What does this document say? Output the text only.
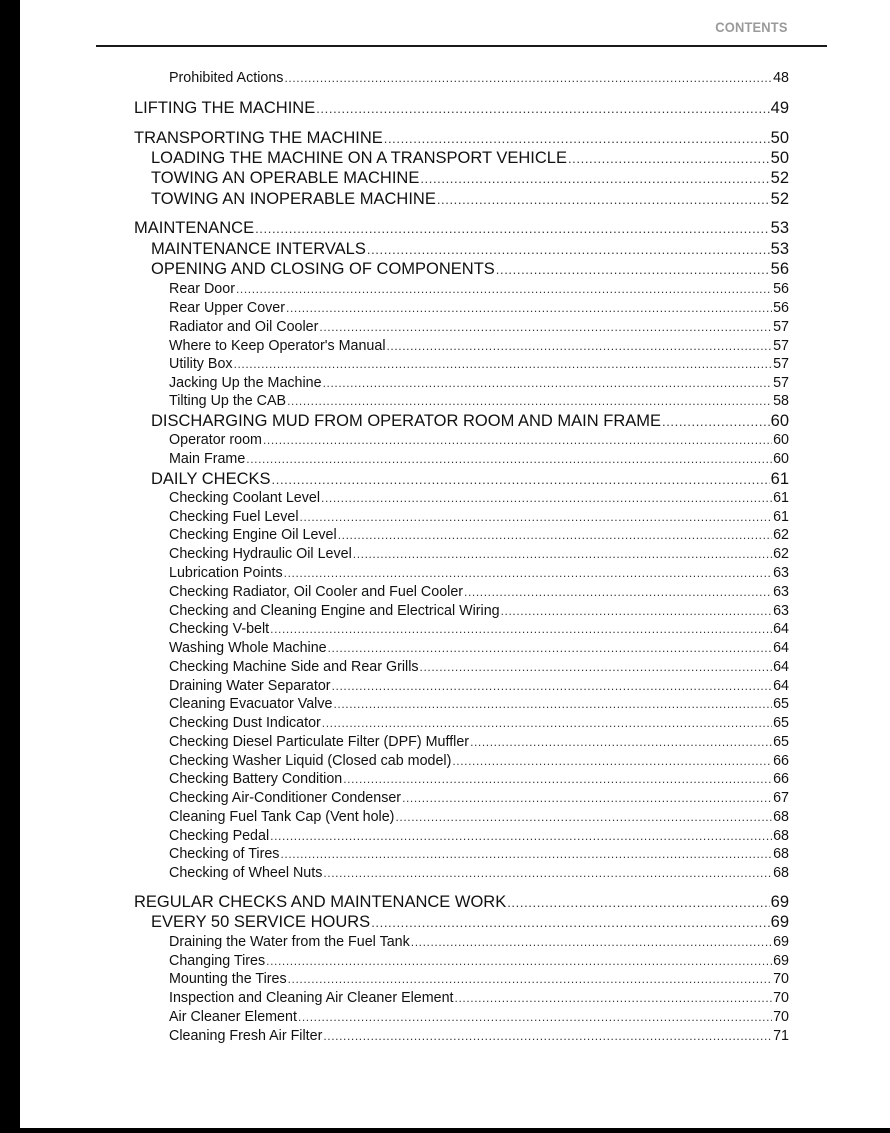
CONTENTS
Prohibited Actions .....	48
LIFTING THE MACHINE .....	49
TRANSPORTING THE MACHINE .....	50
LOADING THE MACHINE ON A TRANSPORT VEHICLE .....	50
TOWING AN OPERABLE MACHINE .....	52
TOWING AN INOPERABLE MACHINE .....	52
MAINTENANCE .....	53
MAINTENANCE INTERVALS .....	53
OPENING AND CLOSING OF COMPONENTS .....	56
Rear Door .....	56
Rear Upper Cover .....	56
Radiator and Oil Cooler .....	57
Where to Keep Operator's Manual .....	57
Utility Box .....	57
Jacking Up the Machine .....	57
Tilting Up the CAB .....	58
DISCHARGING MUD FROM OPERATOR ROOM AND MAIN FRAME .....	60
Operator room .....	60
Main Frame .....	60
DAILY CHECKS .....	61
Checking Coolant Level .....	61
Checking Fuel Level .....	61
Checking Engine Oil Level .....	62
Checking Hydraulic Oil Level .....	62
Lubrication Points .....	63
Checking Radiator, Oil Cooler and Fuel Cooler .....	63
Checking and Cleaning Engine and Electrical Wiring .....	63
Checking V-belt .....	64
Washing Whole Machine .....	64
Checking Machine Side and Rear Grills .....	64
Draining Water Separator .....	64
Cleaning Evacuator Valve .....	65
Checking Dust Indicator .....	65
Checking Diesel Particulate Filter (DPF) Muffler .....	65
Checking Washer Liquid (Closed cab model) .....	66
Checking Battery Condition .....	66
Checking Air-Conditioner Condenser .....	67
Cleaning Fuel Tank Cap (Vent hole) .....	68
Checking Pedal .....	68
Checking of Tires .....	68
Checking of Wheel Nuts .....	68
REGULAR CHECKS AND MAINTENANCE WORK .....	69
EVERY 50 SERVICE HOURS .....	69
Draining the Water from the Fuel Tank .....	69
Changing Tires .....	69
Mounting the Tires .....	70
Inspection and Cleaning Air Cleaner Element .....	70
Air Cleaner Element .....	70
Cleaning Fresh Air Filter .....	71
